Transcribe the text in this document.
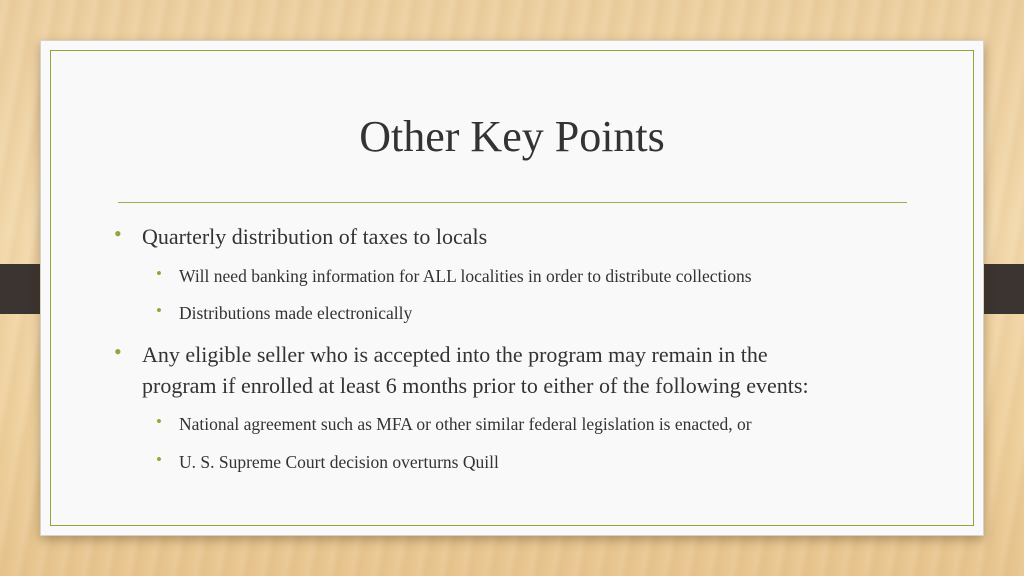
Other Key Points
• Quarterly distribution of taxes to locals
• Will need banking information for ALL localities in order to distribute collections
• Distributions made electronically
• Any eligible seller who is accepted into the program may remain in the
program if enrolled at least 6 months prior to either of the following events:
• National agreement such as MFA or other similar federal legislation is enacted, or
• U. S. Supreme Court decision overturns Quill
